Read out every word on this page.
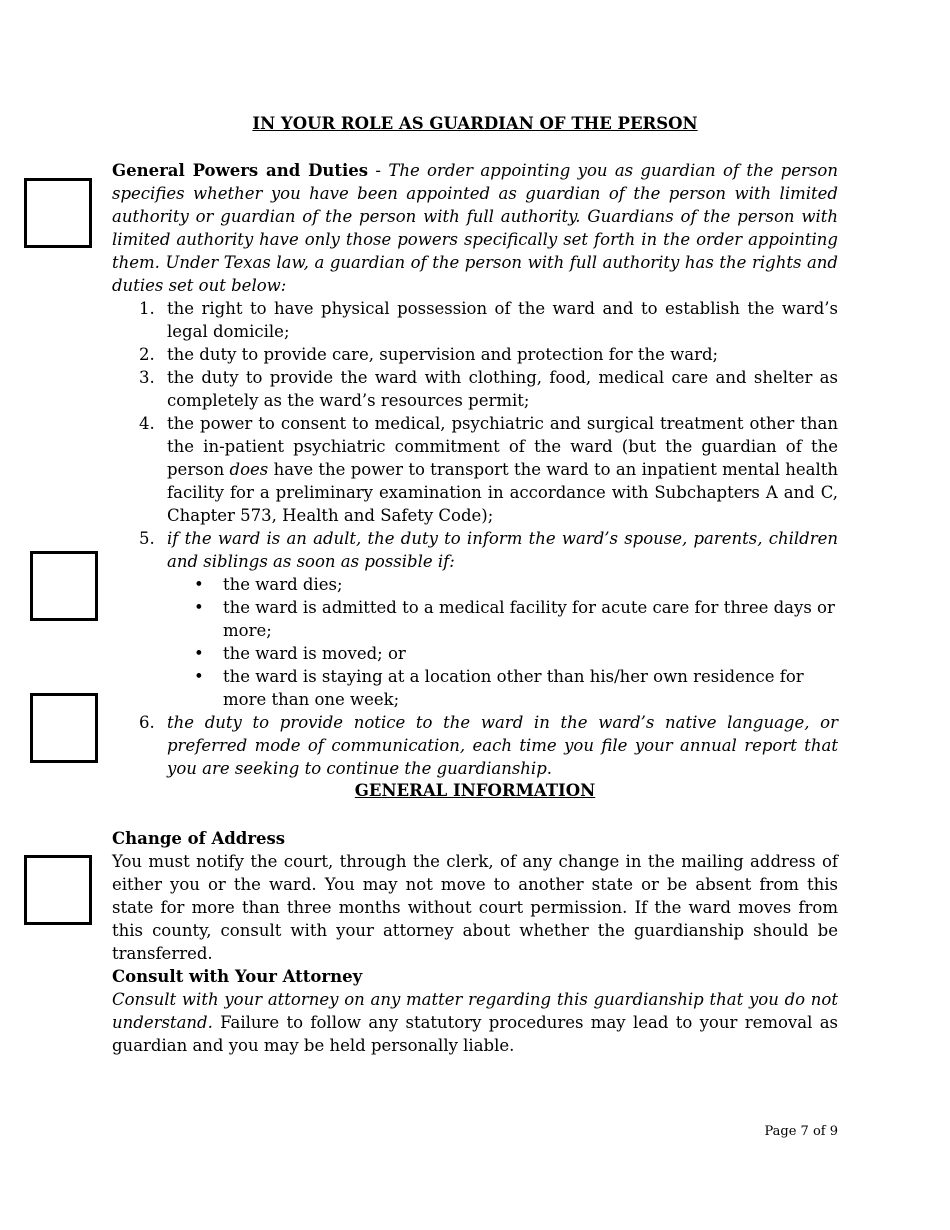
IN YOUR ROLE AS GUARDIAN OF THE PERSON
General Powers and Duties - The order appointing you as guardian of the person specifies whether you have been appointed as guardian of the person with limited authority or guardian of the person with full authority. Guardians of the person with limited authority have only those powers specifically set forth in the order appointing them. Under Texas law, a guardian of the person with full authority has the rights and duties set out below:
1. the right to have physical possession of the ward and to establish the ward’s legal domicile;
2. the duty to provide care, supervision and protection for the ward;
3. the duty to provide the ward with clothing, food, medical care and shelter as completely as the ward’s resources permit;
4. the power to consent to medical, psychiatric and surgical treatment other than the in-patient psychiatric commitment of the ward (but the guardian of the person does have the power to transport the ward to an inpatient mental health facility for a preliminary examination in accordance with Subchapters A and C, Chapter 573, Health and Safety Code);
5. if the ward is an adult, the duty to inform the ward’s spouse, parents, children and siblings as soon as possible if:
• the ward dies;
• the ward is admitted to a medical facility for acute care for three days or more;
• the ward is moved; or
• the ward is staying at a location other than his/her own residence for more than one week;
6. the duty to provide notice to the ward in the ward’s native language, or preferred mode of communication, each time you file your annual report that you are seeking to continue the guardianship.
GENERAL INFORMATION
Change of Address
You must notify the court, through the clerk, of any change in the mailing address of either you or the ward. You may not move to another state or be absent from this state for more than three months without court permission. If the ward moves from this county, consult with your attorney about whether the guardianship should be transferred.
Consult with Your Attorney
Consult with your attorney on any matter regarding this guardianship that you do not understand. Failure to follow any statutory procedures may lead to your removal as guardian and you may be held personally liable.
Page 7 of 9
